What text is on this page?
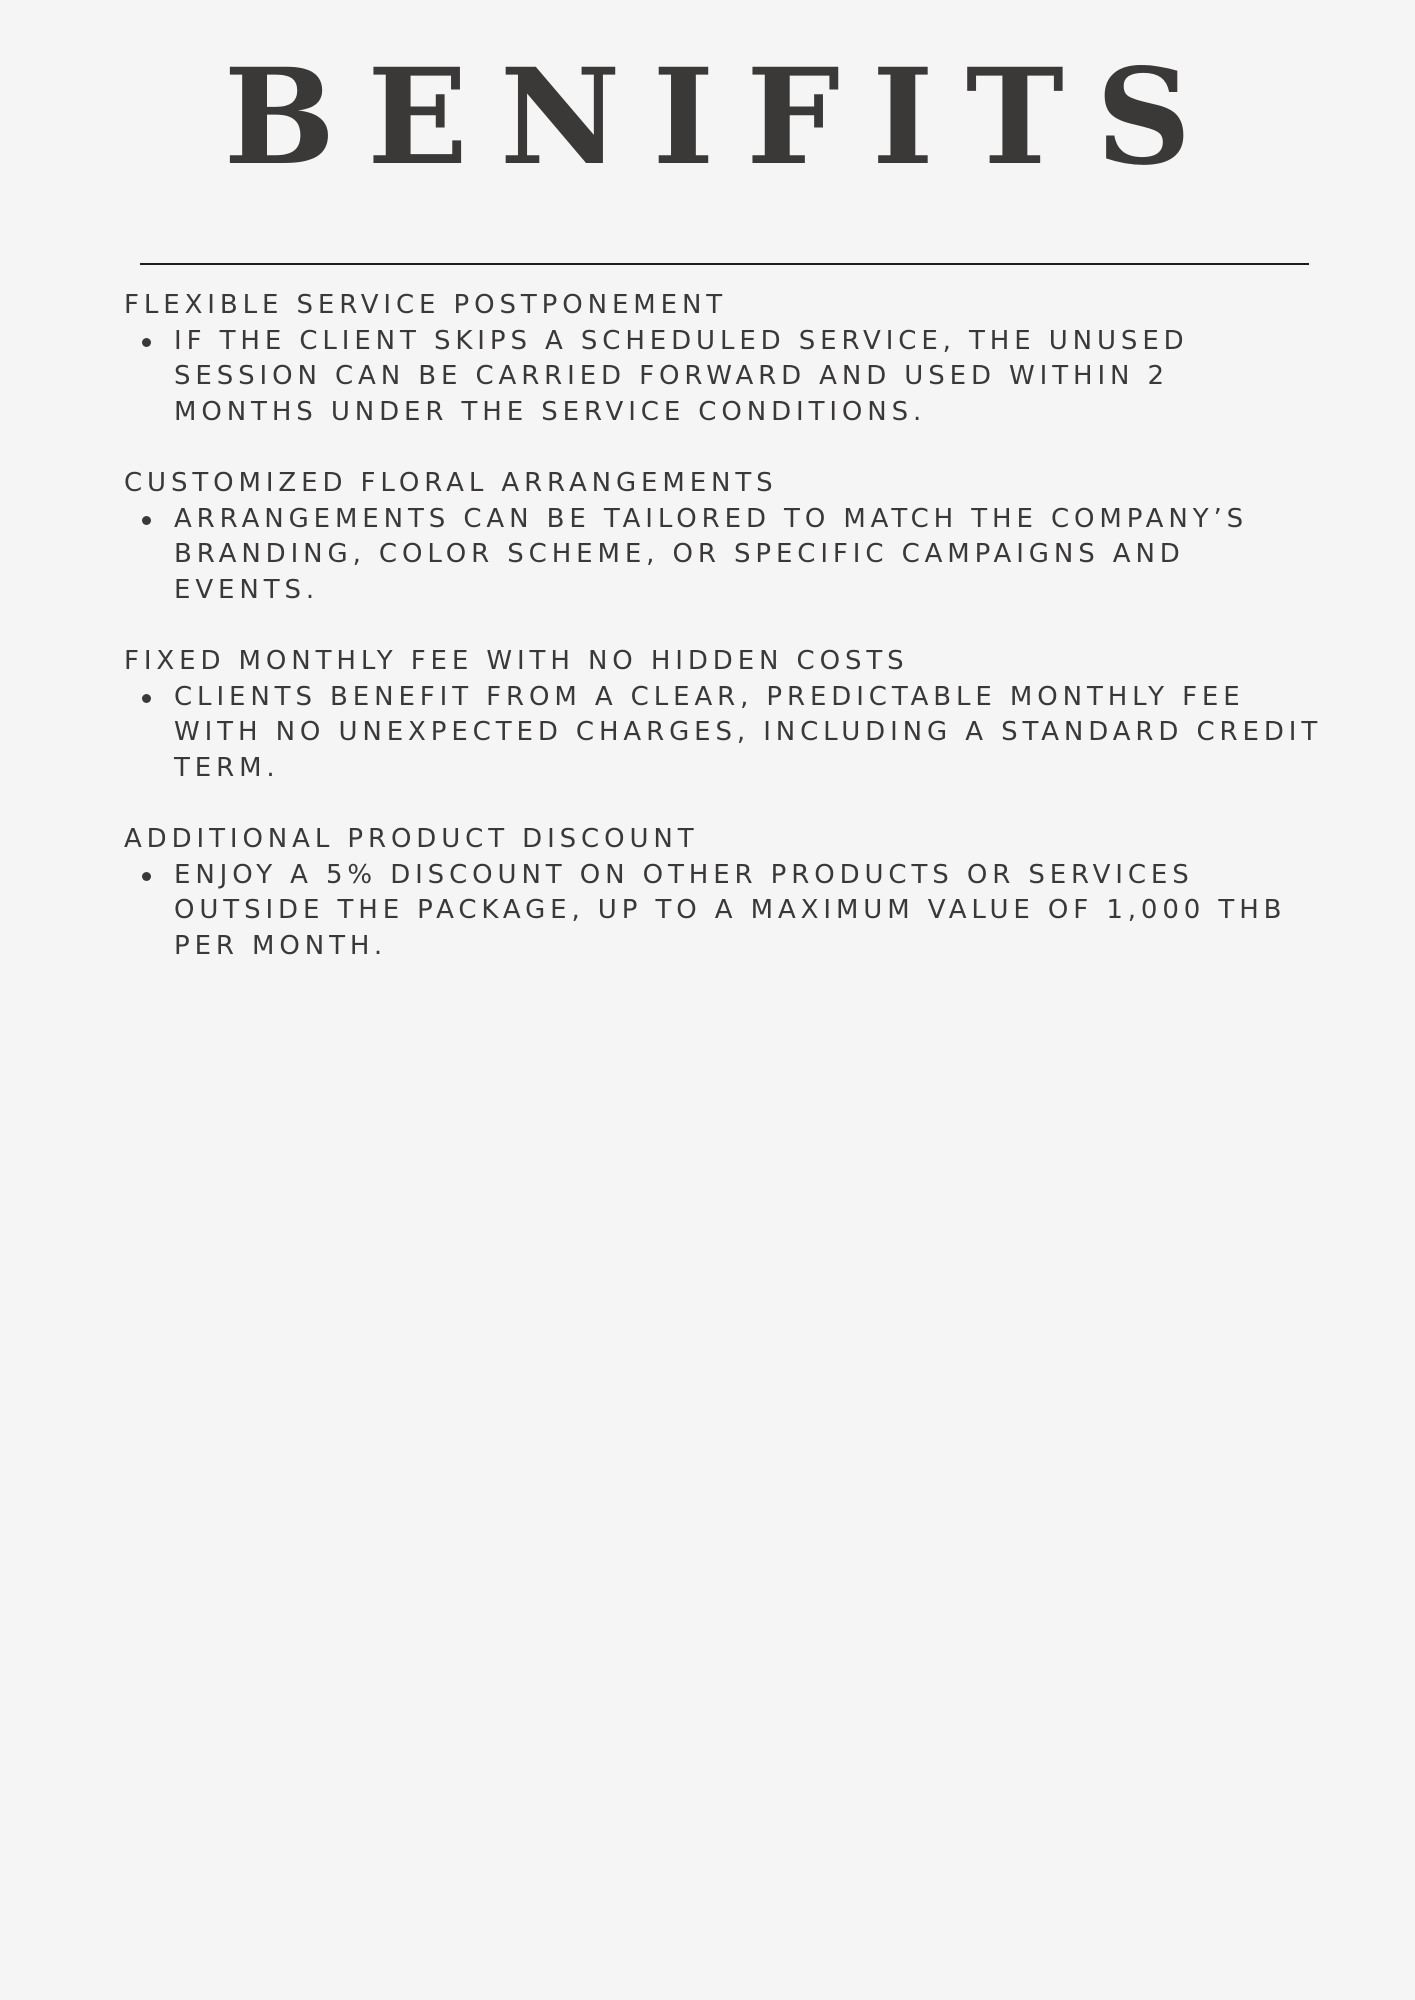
BENIFITS
FLEXIBLE SERVICE POSTPONEMENT
IF THE CLIENT SKIPS A SCHEDULED SERVICE, THE UNUSED SESSION CAN BE CARRIED FORWARD AND USED WITHIN 2 MONTHS UNDER THE SERVICE CONDITIONS.
CUSTOMIZED FLORAL ARRANGEMENTS
ARRANGEMENTS CAN BE TAILORED TO MATCH THE COMPANY’S BRANDING, COLOR SCHEME, OR SPECIFIC CAMPAIGNS AND EVENTS.
FIXED MONTHLY FEE WITH NO HIDDEN COSTS
CLIENTS BENEFIT FROM A CLEAR, PREDICTABLE MONTHLY FEE WITH NO UNEXPECTED CHARGES, INCLUDING A STANDARD CREDIT TERM.
ADDITIONAL PRODUCT DISCOUNT
ENJOY A 5% DISCOUNT ON OTHER PRODUCTS OR SERVICES OUTSIDE THE PACKAGE, UP TO A MAXIMUM VALUE OF 1,000 THB PER MONTH.
